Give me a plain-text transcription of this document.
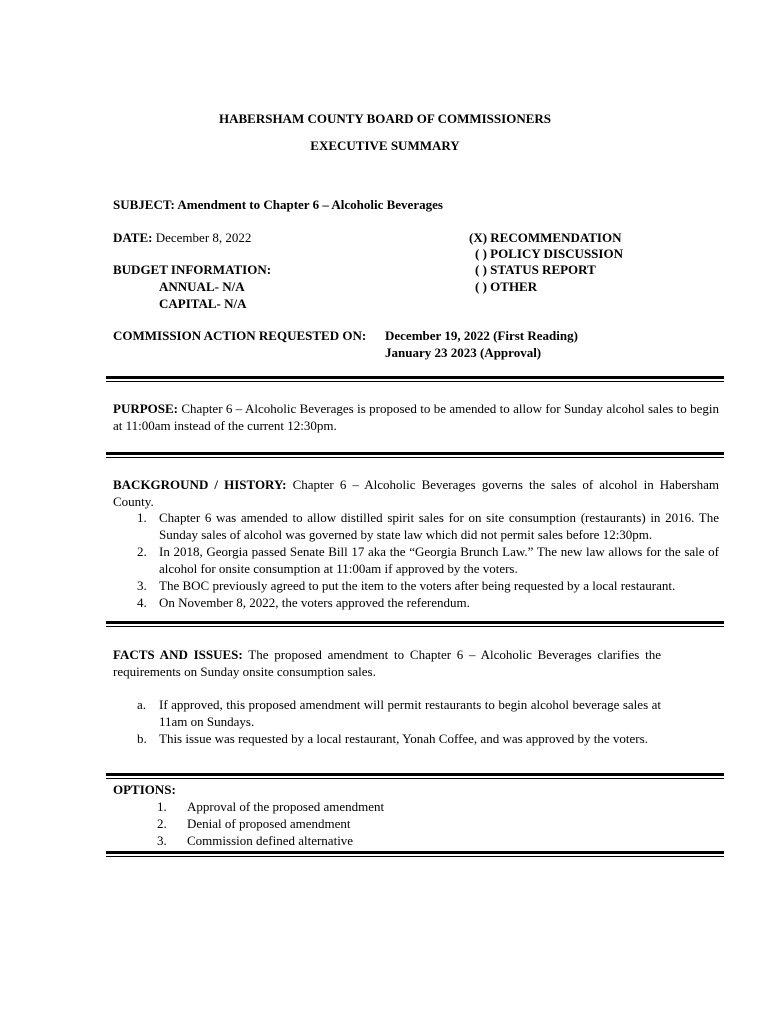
HABERSHAM COUNTY BOARD OF COMMISSIONERS
EXECUTIVE SUMMARY
SUBJECT: Amendment to Chapter 6 – Alcoholic Beverages
DATE: December 8, 2022	(X) RECOMMENDATION
( ) POLICY DISCUSSION
( ) STATUS REPORT
( ) OTHER
BUDGET INFORMATION:
ANNUAL- N/A
CAPITAL- N/A
COMMISSION ACTION REQUESTED ON: December 19, 2022 (First Reading)
January 23 2023 (Approval)
PURPOSE: Chapter 6 – Alcoholic Beverages is proposed to be amended to allow for Sunday alcohol sales to begin at 11:00am instead of the current 12:30pm.
BACKGROUND / HISTORY: Chapter 6 – Alcoholic Beverages governs the sales of alcohol in Habersham County.
1. Chapter 6 was amended to allow distilled spirit sales for on site consumption (restaurants) in 2016. The Sunday sales of alcohol was governed by state law which did not permit sales before 12:30pm.
2. In 2018, Georgia passed Senate Bill 17 aka the “Georgia Brunch Law.” The new law allows for the sale of alcohol for onsite consumption at 11:00am if approved by the voters.
3. The BOC previously agreed to put the item to the voters after being requested by a local restaurant.
4. On November 8, 2022, the voters approved the referendum.
FACTS AND ISSUES: The proposed amendment to Chapter 6 – Alcoholic Beverages clarifies the requirements on Sunday onsite consumption sales.
a. If approved, this proposed amendment will permit restaurants to begin alcohol beverage sales at 11am on Sundays.
b. This issue was requested by a local restaurant, Yonah Coffee, and was approved by the voters.
OPTIONS:
1. Approval of the proposed amendment
2. Denial of proposed amendment
3. Commission defined alternative
